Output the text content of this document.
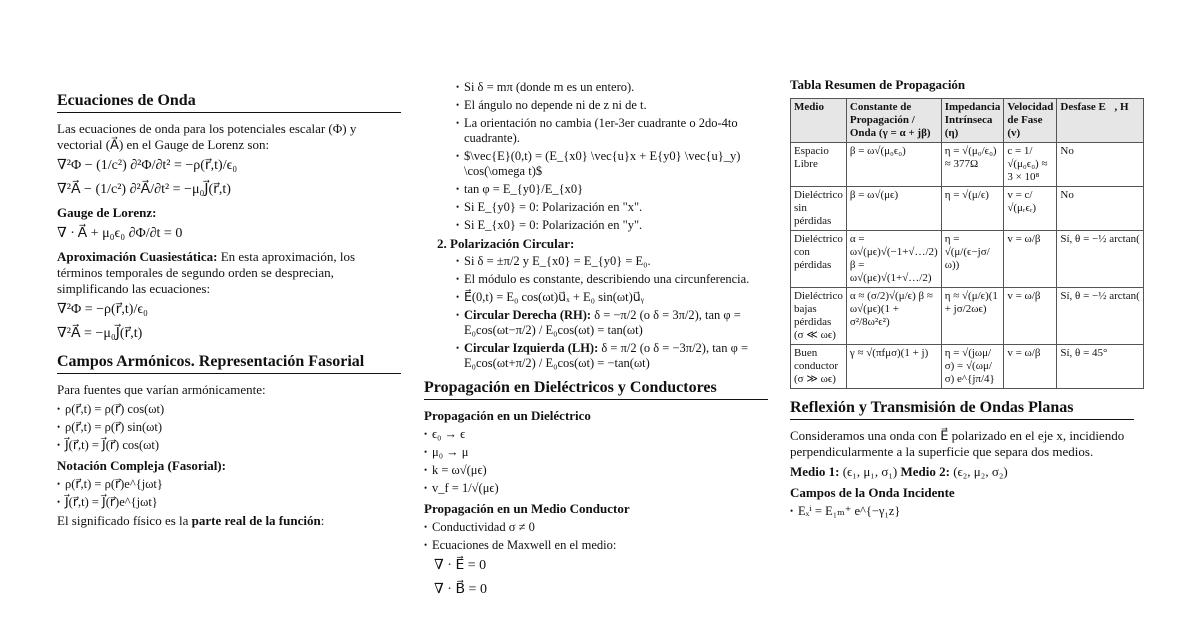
Ecuaciones de Onda

Las ecuaciones de onda para los potenciales escalar (Φ) y vectorial (A⃗) en el Gauge de Lorenz son:

∇²Φ − (1/c²) ∂²Φ/∂t² = −ρ(r⃗,t)/ϵ₀
∇²A⃗ − (1/c²) ∂²A⃗/∂t² = −μ₀J⃗(r⃗,t)
Gauge de Lorenz:
∇ · A⃗ + μ₀ϵ₀ ∂Φ/∂t = 0

Aproximación Cuasiestática: En esta aproximación, los términos temporales de segundo orden se desprecian, simplificando las ecuaciones:

∇²Φ = −ρ(r⃗,t)/ϵ₀
∇²A⃗ = −μ₀J⃗(r⃗,t)
Campos Armónicos. Representación Fasorial

Para fuentes que varían armónicamente:

• ρ(r⃗,t) = ρ(r⃗) cos(ωt)
• ρ(r⃗,t) = ρ(r⃗) sin(ωt)
• J⃗(r⃗,t) = J⃗(r⃗) cos(ωt)
Notación Compleja (Fasorial):
• ρ(r⃗,t) = ρ(r⃗)e^{jωt}
• J⃗(r⃗,t) = J⃗(r⃗)e^{jωt}

El significado físico es la parte real de la función:

• Si δ = mπ (donde m es un entero).
• El ángulo no depende ni de z ni de t.
• La orientación no cambia (1er-3er cuadrante o 2do-4to cuadrante).
• $\vec{E}(0,t) = (E_{x0} \vec{u}x + E{y0} \vec{u}_y) \cos(\omega t)$
• tan φ = E_{y0}/E_{x0}
• Si E_{y0} = 0: Polarización en "x".
• Si E_{x0} = 0: Polarización en "y".
2. Polarización Circular:
• Si δ = ±π/2 y E_{x0} = E_{y0} = E₀.
• El módulo es constante, describiendo una circunferencia.
• E⃗(0,t) = E₀ cos(ωt)u⃗ₓ + E₀ sin(ωt)u⃗ᵧ
• Circular Derecha (RH): δ = −π/2 (o δ = 3π/2), tan φ = E₀cos(ωt−π/2) / E₀cos(ωt) = tan(ωt)
• Circular Izquierda (LH): δ = π/2 (o δ = −3π/2), tan φ = E₀cos(ωt+π/2) / E₀cos(ωt) = −tan(ωt)
Propagación en Dieléctricos y Conductores
Propagación en un Dieléctrico
• ϵ₀ → ϵ
• μ₀ → μ
• k = ω√(μϵ)
• v_f = 1/√(μϵ)
Propagación en un Medio Conductor
• Conductividad σ ≠ 0
• Ecuaciones de Maxwell en el medio:
∇ · E⃗ = 0
∇ · B⃗ = 0
Tabla Resumen de Propagación
Medio	Constante de Propagación / Onda (γ = α + jβ)	Impedancia Intrínseca (η)	Velocidad de Fase (v)	Desfase E⃗, H⃗
Espacio Libre	β = ω√(μ₀ϵ₀)	η = √(μ₀/ϵ₀) ≈ 377Ω	c = 1/√(μ₀ϵ₀) ≈ 3 × 10⁸	No
Dieléctrico sin pérdidas	β = ω√(μϵ)	η = √(μ/ϵ)	v = c/√(μᵣϵᵣ)	No
Dieléctrico con pérdidas	α = ω√(μϵ)√(−1+√…/2) β = ω√(μϵ)√(1+√…/2)	η = √(μ/(ϵ−jσ/ω))	v = ω/β	Sí, θ = −½ arctan(
Dieléctrico bajas pérdidas (σ ≪ ωϵ)	α ≈ (σ/2)√(μ/ϵ) β ≈ ω√(μϵ)(1 + σ²/8ω²ϵ²)	η ≈ √(μ/ϵ)(1 + jσ/2ωϵ)	v = ω/β	Sí, θ = −½ arctan(
Buen conductor (σ ≫ ωϵ)	γ ≈ √(πfμσ)(1 + j)	η = √(jωμ/σ) = √(ωμ/σ) e^{jπ/4}	v = ω/β	Sí, θ = 45°
Reflexión y Transmisión de Ondas Planas

Consideramos una onda con E⃗ polarizado en el eje x, incidiendo perpendicularmente a la superficie que separa dos medios.

Medio 1: (ϵ₁, μ₁, σ₁) Medio 2: (ϵ₂, μ₂, σ₂)

Campos de la Onda Incidente
• Eₓⁱ = E₁ₘ⁺ e^{−γ₁z}
